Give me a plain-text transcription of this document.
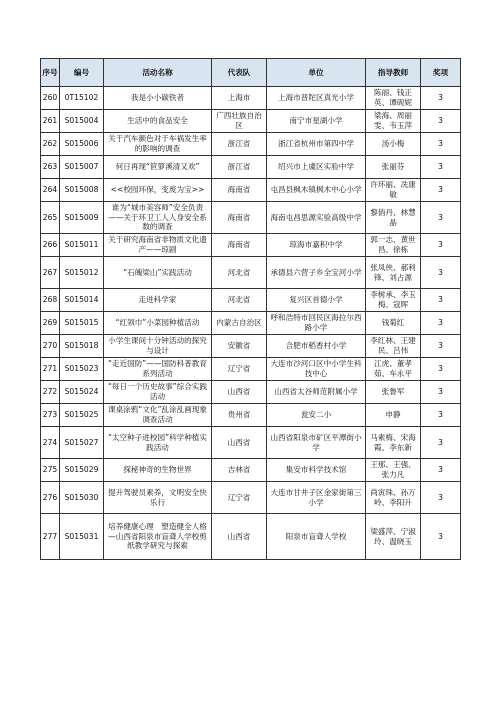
序号	编号	活动名称	代表队	单位	指导教师	奖项
260	0T15102	我是小小碳铁者	上海市	上海市普陀区真光小学	陈丽、钱正英、谭砚妮	3
261	S015004	生活中的食品安全	广西壮族自治区	南宁市星湖小学	梁海、周丽雯、韦玉萍	3
262	S015006	关于汽车颜色对于车祸发生率的影响的调查	浙江省	浙江省杭州市第四中学	汤小梅	3
263	S015007	何日再现“笸箩溪清又欢”	浙江省	绍兴市上虞区实验中学	张丽芬	3
264	S015008	<<校园环保，变废为宝>>	海南省	屯昌县枫木镇枫木中心小学	许环丽、冼康敏	3
265	S015009	谁为“城市美容师”安全负责——关于环卫工人人身安全系数的调查	海南省	海南屯昌思源实验高级中学	黎俏丹、林慧晶	3
266	S015011	关于研究海南省非物质文化遗产——琼剧	海南省	琼海市嘉积中学	郭一志、黄世昌、徐栋	3
267	S015012	“石魄梁山”实践活动	河北省	承德县六营子乡全宝河小学	张凤侠、郝利锋、刘占源	3
268	S015014	走进科学家	河北省	复兴区首德小学	李树承、李玉梅、寇晖	3
269	S015015	“红领巾”小菜园种植活动	内蒙古自治区	呼和浩特市回民区海拉尔西路小学	钱菊红	3
270	S015018	小学生课间十分钟活动的探究与设计	安徽省	合肥市稻香村小学	李红林、王建民、吕伟	3
271	S015023	“走近国防”——国防科普教育系列活动	辽宁省	大连市沙河口区中小学生科技中心	江虎、董孝茹、车永平	3
272	S015024	“每日一个历史故事”综合实践活动	山西省	山西省太谷师范附属小学	张鲁军	3
273	S015025	课桌涂鸦“文化”乱涂乱画现象调查活动	贵州省	瓮安二小	申静	3
274	S015027	“太空种子进校园”科学种植实践活动	山西省	山西省阳泉市矿区平潭街小学	马素梅、宋海霞、李东新	3
275	S015029	探秘神奇的生物世界	吉林省	集安市科学技术馆	王那、王强、张力凡	3
276	S015030	提升驾驶员素养，文明安全快乐行	辽宁省	大连市甘井子区金家街第三小学	尚寅珠、孙万岭、李阳升	3
277	S015031	培养健康心理　塑造健全人格—山西省阳泉市盲聋人学校剪纸教学研究与探索	山西省	阳泉市盲聋人学校	梁盛萍、宁淑玲、温晓玉	3
